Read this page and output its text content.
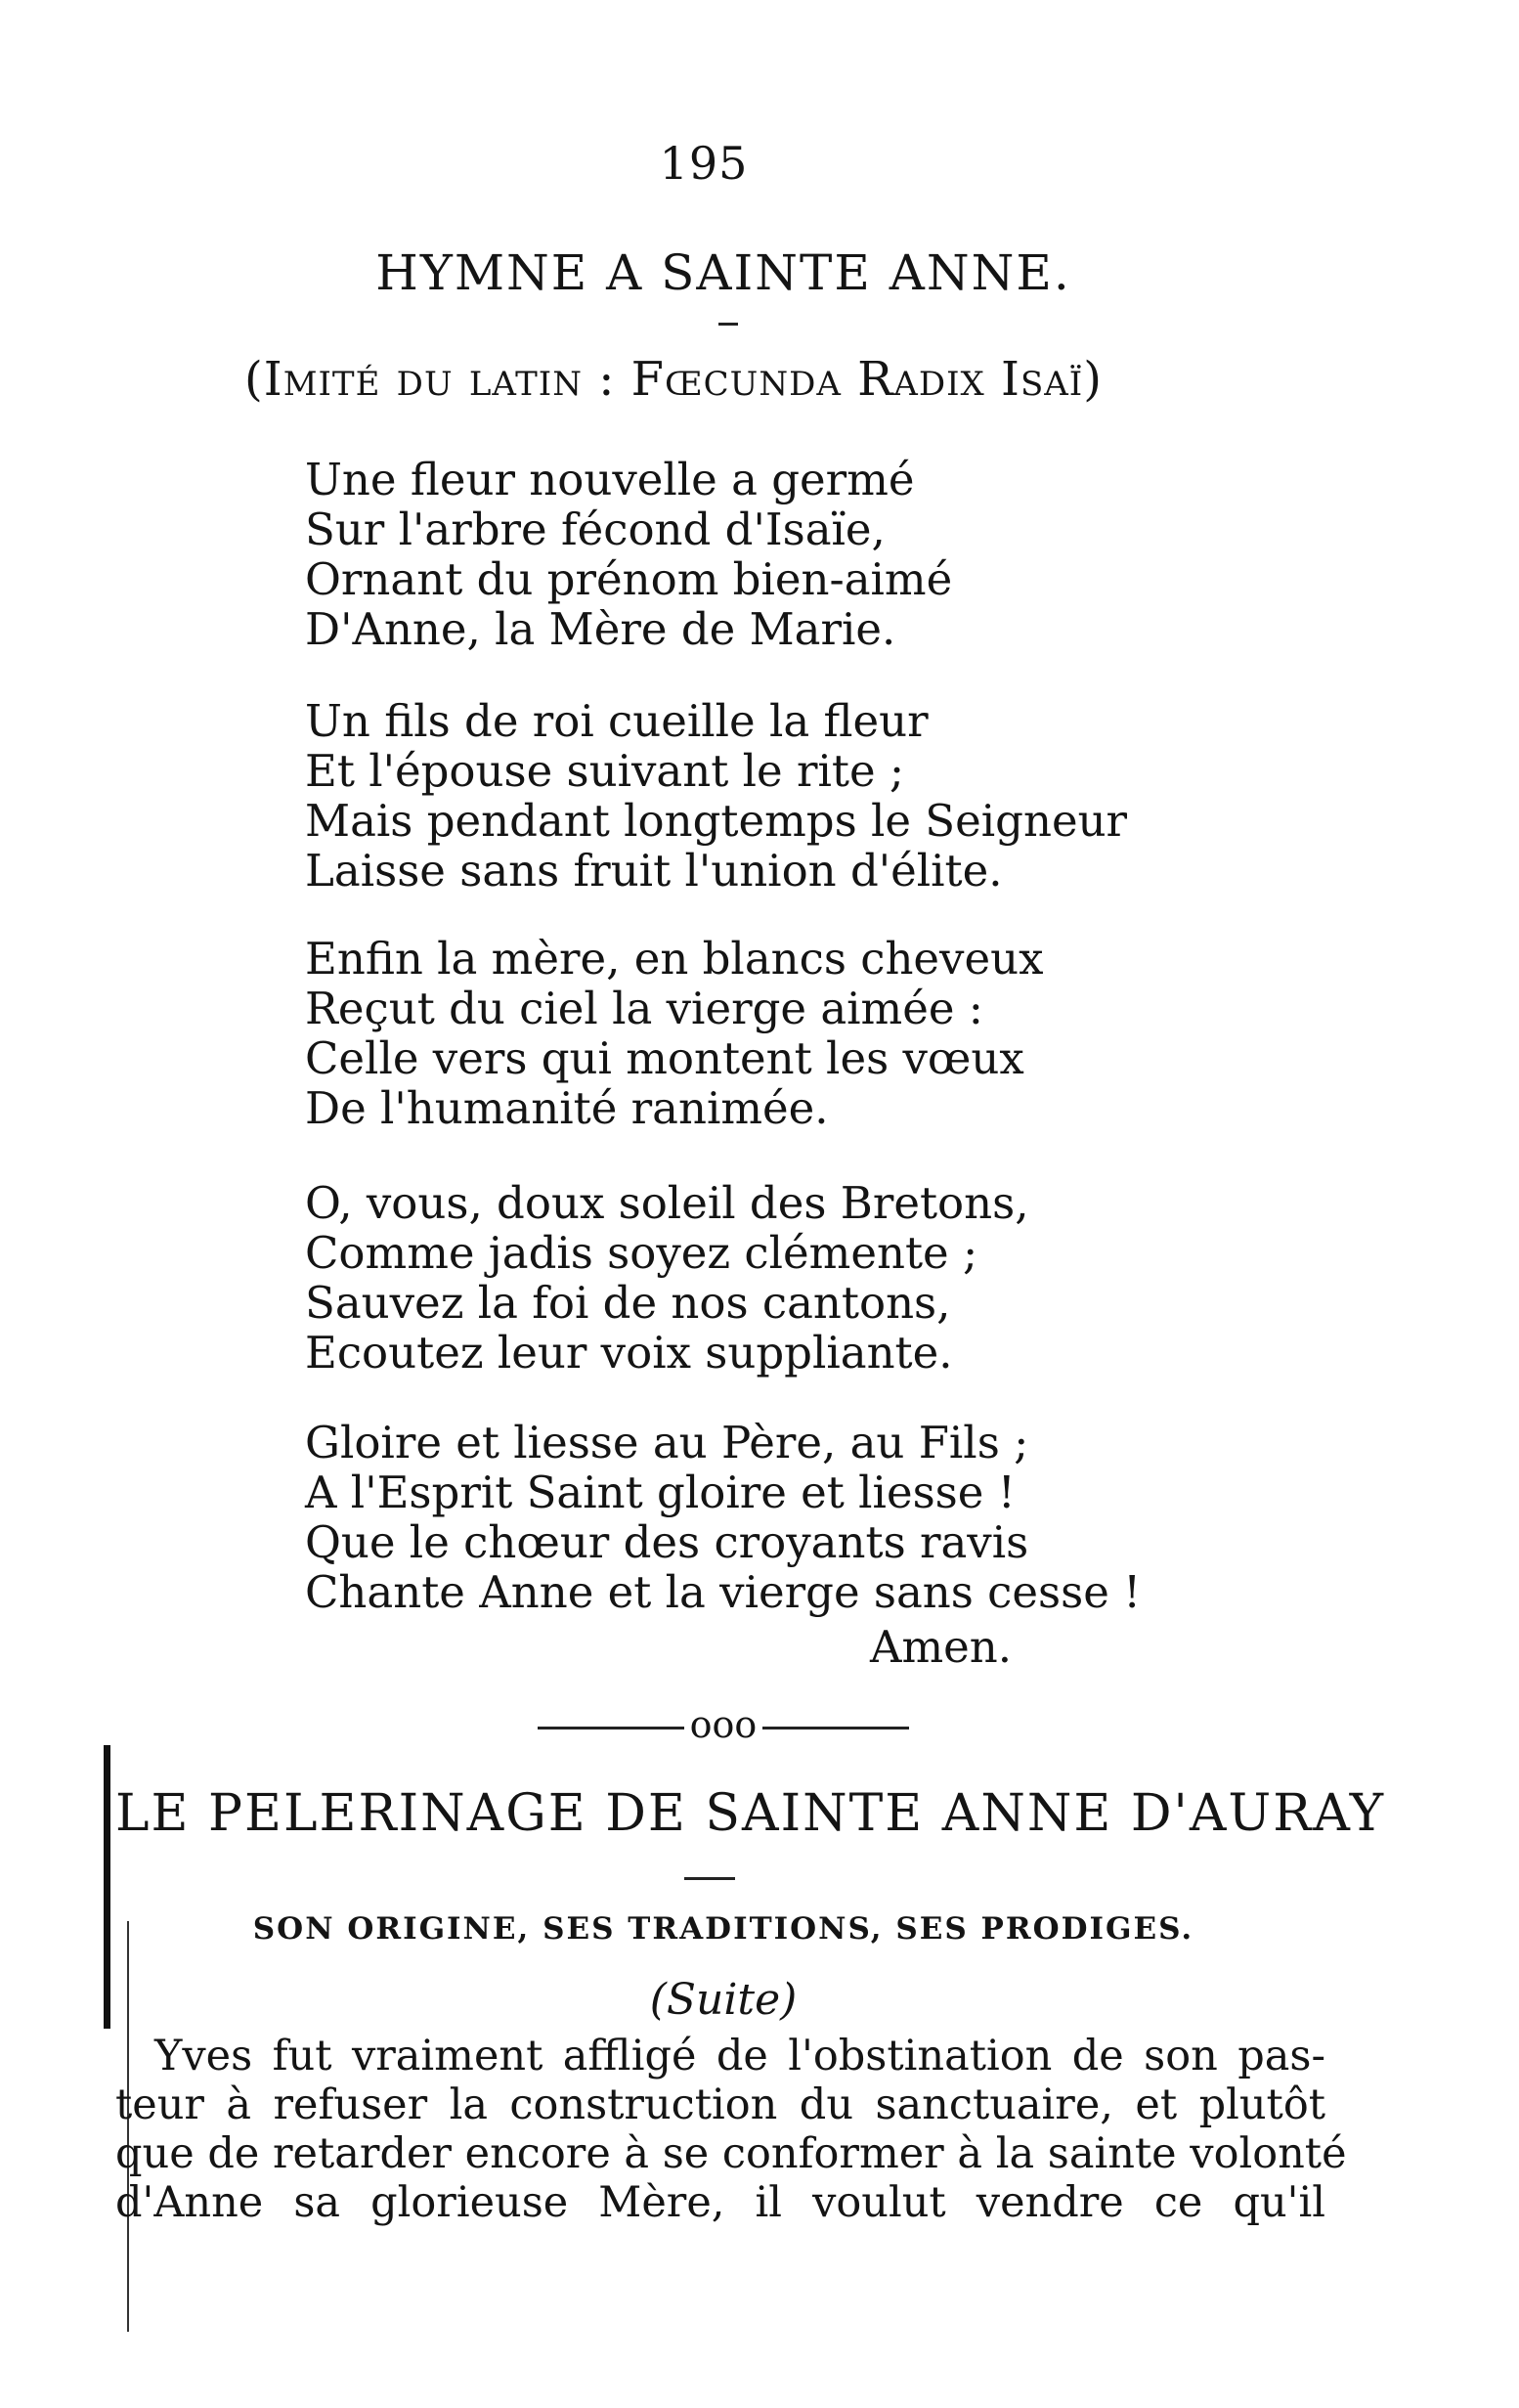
195
HYMNE A SAINTE ANNE.
(Imité du latin : Fœcunda Radix Isaï)
Une fleur nouvelle a germé
Sur l'arbre fécond d'Isaïe,
Ornant du prénom bien-aimé
D'Anne, la Mère de Marie.
Un fils de roi cueille la fleur
Et l'épouse suivant le rite ;
Mais pendant longtemps le Seigneur
Laisse sans fruit l'union d'élite.
Enfin la mère, en blancs cheveux
Reçut du ciel la vierge aimée :
Celle vers qui montent les vœux
De l'humanité ranimée.
O, vous, doux soleil des Bretons,
Comme jadis soyez clémente ;
Sauvez la foi de nos cantons,
Ecoutez leur voix suppliante.
Gloire et liesse au Père, au Fils ;
A l'Esprit Saint gloire et liesse !
Que le chœur des croyants ravis
Chante Anne et la vierge sans cesse !
Amen.
ooo
LE PELERINAGE DE SAINTE ANNE D'AURAY
SON ORIGINE, SES TRADITIONS, SES PRODIGES.
(Suite)
Yves fut vraiment affligé de l'obstination de son pas-
teur à refuser la construction du sanctuaire, et plutôt
que de retarder encore à se conformer à la sainte volonté
d'Anne sa glorieuse Mère, il voulut vendre ce qu'il
